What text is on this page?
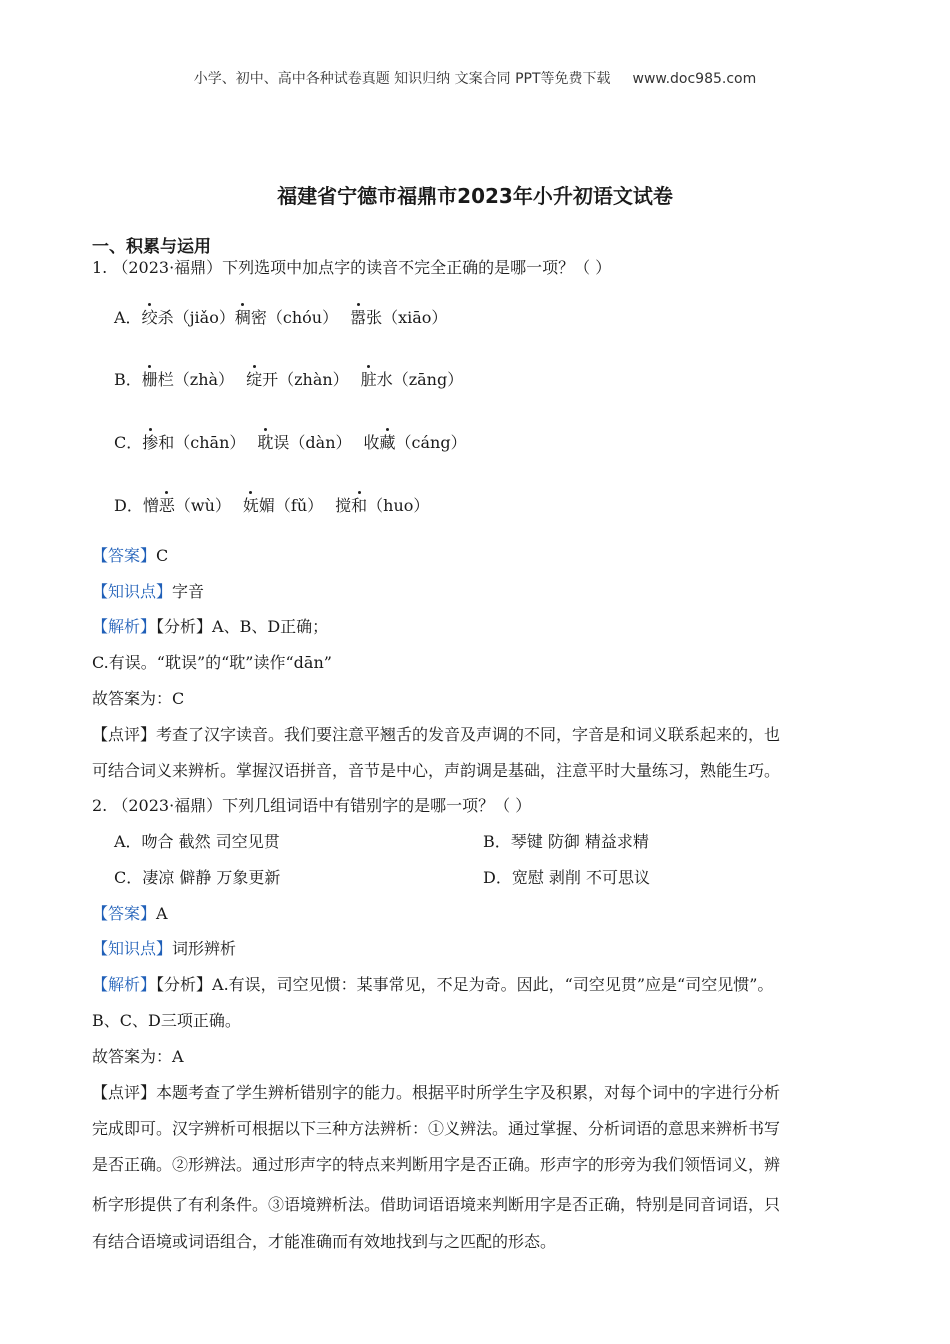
小学、初中、高中各种试卷真题 知识归纳 文案合同 PPT等免费下载 www.doc985.com
福建省宁德市福鼎市2023年小升初语文试卷
一、积累与运用
1. （2023·福鼎）下列选项中加点字的读音不完全正确的是哪一项？（ ）
A．绞杀（jiǎo）稠密（chóu） 嚣张（xiāo）
B．栅栏（zhà） 绽开（zhàn） 脏水（zāng）
C．掺和（chān） 耽误（dàn） 收藏（cáng）
D．憎恶（wù） 妩媚（fǔ） 搅和（huo）
【答案】C
【知识点】字音
【解析】【分析】A、B、D正确；
C.有误。“耽误”的“耽”读作“dān”
故答案为：C
【点评】考查了汉字读音。我们要注意平翘舌的发音及声调的不同，字音是和词义联系起来的，也
可结合词义来辨析。掌握汉语拼音，音节是中心，声韵调是基础，注意平时大量练习，熟能生巧。
2. （2023·福鼎）下列几组词语中有错别字的是哪一项？（ ）
A．吻合 截然 司空见贯	B．琴键 防御 精益求精
C．凄凉 僻静 万象更新	D．宽慰 剥削 不可思议
【答案】A
【知识点】词形辨析
【解析】【分析】A.有误，司空见惯：某事常见，不足为奇。因此，“司空见贯”应是“司空见惯”。
B、C、D三项正确。
故答案为：A
【点评】本题考查了学生辨析错别字的能力。根据平时所学生字及积累，对每个词中的字进行分析
完成即可。汉字辨析可根据以下三种方法辨析：①义辨法。通过掌握、分析词语的意思来辨析书写
是否正确。②形辨法。通过形声字的特点来判断用字是否正确。形声字的形旁为我们领悟词义，辨
析字形提供了有利条件。③语境辨析法。借助词语语境来判断用字是否正确，特别是同音词语，只
有结合语境或词语组合，才能准确而有效地找到与之匹配的形态。
